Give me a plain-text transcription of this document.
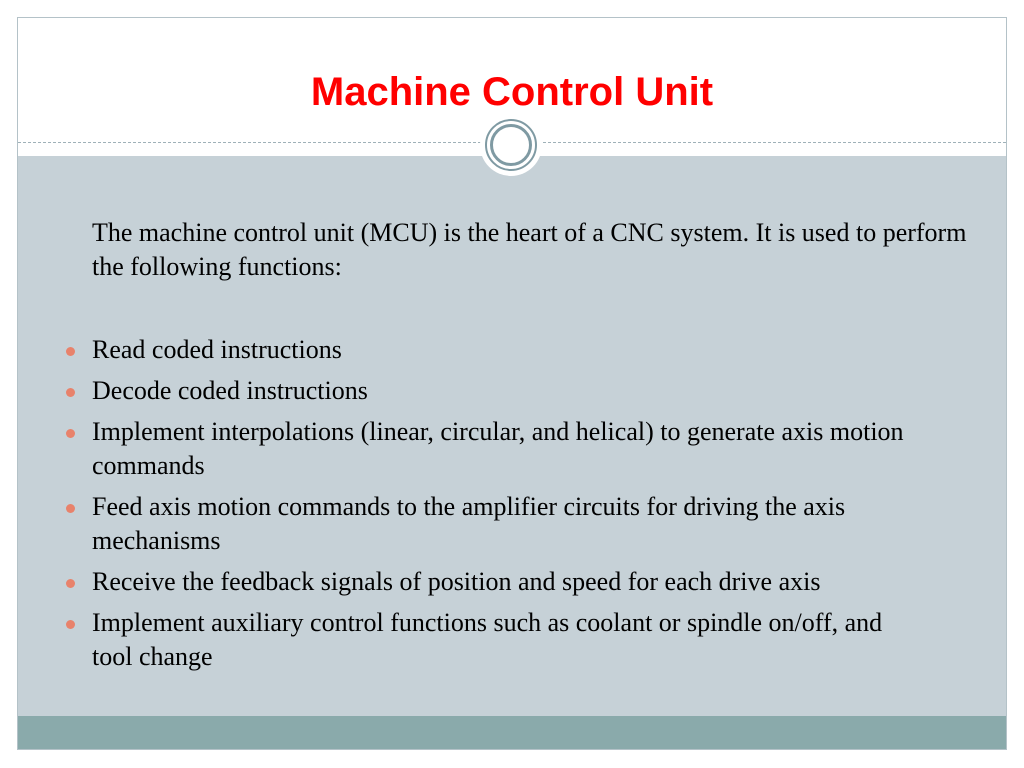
Machine Control Unit

The machine control unit (MCU) is the heart of a CNC system. It is used to perform the following functions:

Read coded instructions
Decode coded instructions
Implement interpolations (linear, circular, and helical) to generate axis motion commands
Feed axis motion commands to the amplifier circuits for driving the axis mechanisms
Receive the feedback signals of position and speed for each drive axis
Implement auxiliary control functions such as coolant or spindle on/off, and tool change
